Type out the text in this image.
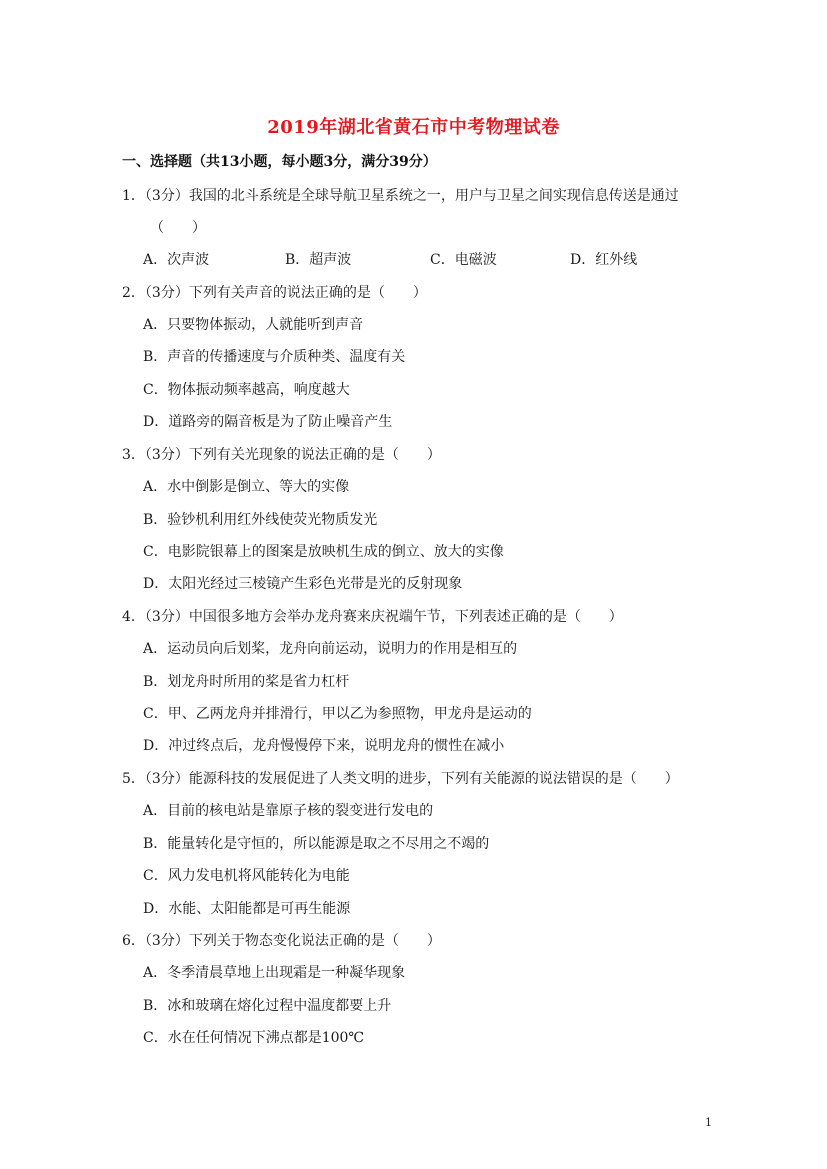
2019年湖北省黄石市中考物理试卷
一、选择题（共13小题，每小题3分，满分39分）
1．（3分）我国的北斗系统是全球导航卫星系统之一，用户与卫星之间实现信息传送是通过
（　　）
A．次声波	B．超声波	C．电磁波	D．红外线
2．（3分）下列有关声音的说法正确的是（　　）
A．只要物体振动，人就能听到声音
B．声音的传播速度与介质种类、温度有关
C．物体振动频率越高，响度越大
D．道路旁的隔音板是为了防止噪音产生
3．（3分）下列有关光现象的说法正确的是（　　）
A．水中倒影是倒立、等大的实像
B．验钞机利用红外线使荧光物质发光
C．电影院银幕上的图案是放映机生成的倒立、放大的实像
D．太阳光经过三棱镜产生彩色光带是光的反射现象
4．（3分）中国很多地方会举办龙舟赛来庆祝端午节，下列表述正确的是（　　）
A．运动员向后划桨，龙舟向前运动，说明力的作用是相互的
B．划龙舟时所用的桨是省力杠杆
C．甲、乙两龙舟并排滑行，甲以乙为参照物，甲龙舟是运动的
D．冲过终点后，龙舟慢慢停下来，说明龙舟的惯性在减小
5．（3分）能源科技的发展促进了人类文明的进步，下列有关能源的说法错误的是（　　）
A．目前的核电站是靠原子核的裂变进行发电的
B．能量转化是守恒的，所以能源是取之不尽用之不竭的
C．风力发电机将风能转化为电能
D．水能、太阳能都是可再生能源
6．（3分）下列关于物态变化说法正确的是（　　）
A．冬季清晨草地上出现霜是一种凝华现象
B．冰和玻璃在熔化过程中温度都要上升
C．水在任何情况下沸点都是100℃
1
